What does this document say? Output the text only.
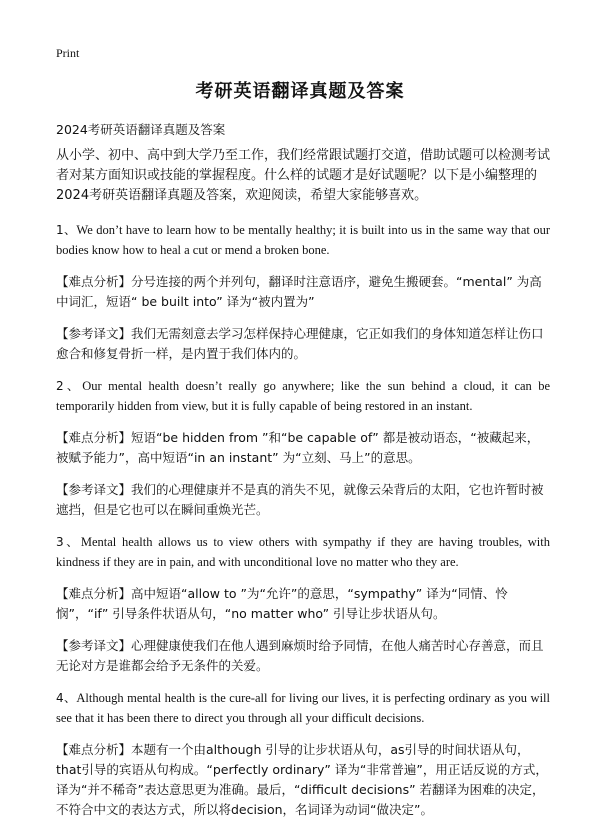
Print
考研英语翻译真题及答案
2024考研英语翻译真题及答案

从小学、初中、高中到大学乃至工作，我们经常跟试题打交道，借助试题可以检测考试者对某方面知识或技能的掌握程度。什么样的试题才是好试题呢？以下是小编整理的2024考研英语翻译真题及答案，欢迎阅读，希望大家能够喜欢。

1、We don’t have to learn how to be mentally healthy; it is built into us in the same way that our bodies know how to heal a cut or mend a broken bone.

【难点分析】分号连接的两个并列句，翻译时注意语序，避免生搬硬套。“mental” 为高中词汇，短语“ be built into” 译为“被内置为”

【参考译文】我们无需刻意去学习怎样保持心理健康，它正如我们的身体知道怎样让伤口愈合和修复骨折一样，是内置于我们体内的。

2、Our mental health doesn’t really go anywhere; like the sun behind a cloud, it can be temporarily hidden from view, but it is fully capable of being restored in an instant.

【难点分析】短语“be hidden from ”和“be capable of” 都是被动语态，“被藏起来，被赋予能力”，高中短语“in an instant” 为“立刻、马上”的意思。

【参考译文】我们的心理健康并不是真的消失不见，就像云朵背后的太阳，它也许暂时被遮挡，但是它也可以在瞬间重焕光芒。

3、Mental health allows us to view others with sympathy if they are having troubles, with kindness if they are in pain, and with unconditional love no matter who they are.

【难点分析】高中短语“allow to ”为“允许”的意思，“sympathy” 译为“同情、怜悯”，“if” 引导条件状语从句，“no matter who” 引导让步状语从句。

【参考译文】心理健康使我们在他人遇到麻烦时给予同情，在他人痛苦时心存善意，而且无论对方是谁都会给予无条件的关爱。

4、Although mental health is the cure-all for living our lives, it is perfecting ordinary as you will see that it has been there to direct you through all your difficult decisions.

【难点分析】本题有一个由although 引导的让步状语从句，as引导的时间状语从句，that引导的宾语从句构成。“perfectly ordinary” 译为“非常普遍”，用正话反说的方式，译为“并不稀奇”表达意思更为准确。最后，“difficult decisions” 若翻译为困难的决定，不符合中文的表达方式，所以将decision，名词译为动词“做决定”。
